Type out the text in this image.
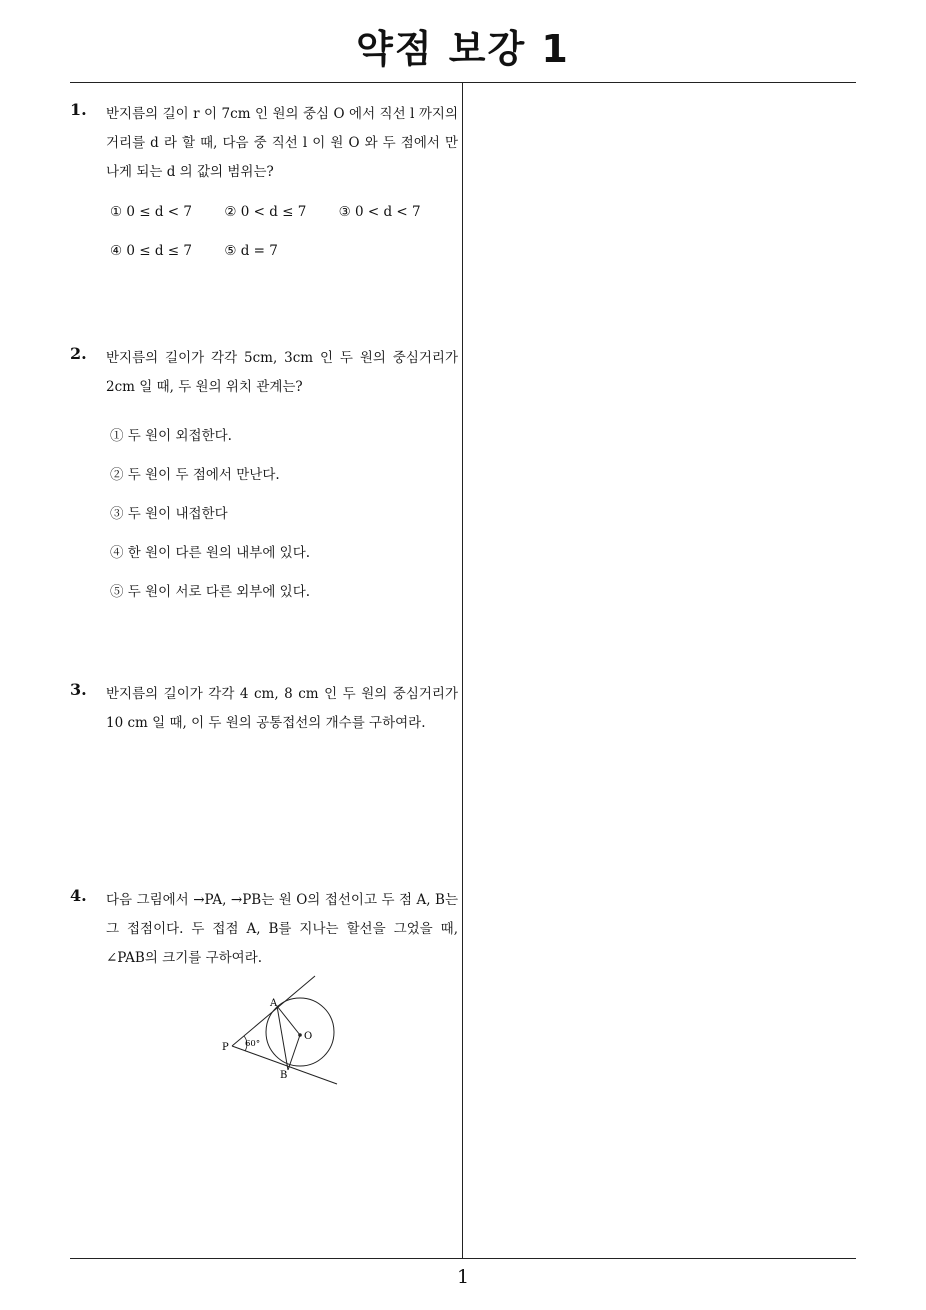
약점 보강 1
1
1. 반지름의 길이 r 이 7cm 인 원의 중심 O 에서 직선 l 까지의 거리를 d 라 할 때, 다음 중 직선 l 이 원 O 와 두 점에서 만나게 되는 d 의 값의 범위는?
① 0 ≤ d < 7 ② 0 < d ≤ 7 ③ 0 < d < 7
④ 0 ≤ d ≤ 7 ⑤ d = 7
2. 반지름의 길이가 각각 5cm, 3cm 인 두 원의 중심거리가 2cm 일 때, 두 원의 위치 관계는?
① 두 원이 외접한다.
② 두 원이 두 점에서 만난다.
③ 두 원이 내접한다
④ 한 원이 다른 원의 내부에 있다.
⑤ 두 원이 서로 다른 외부에 있다.
3. 반지름의 길이가 각각 4 cm, 8 cm 인 두 원의 중심거리가 10 cm 일 때, 이 두 원의 공통접선의 개수를 구하여라.
4. 다음 그림에서 →PA, →PB는 원 O의 접선이고 두 점 A, B는 그 접점이다. 두 접점 A, B를 지나는 할선을 그었을 때, ∠PAB의 크기를 구하여라.
A
B
O
P 60°
